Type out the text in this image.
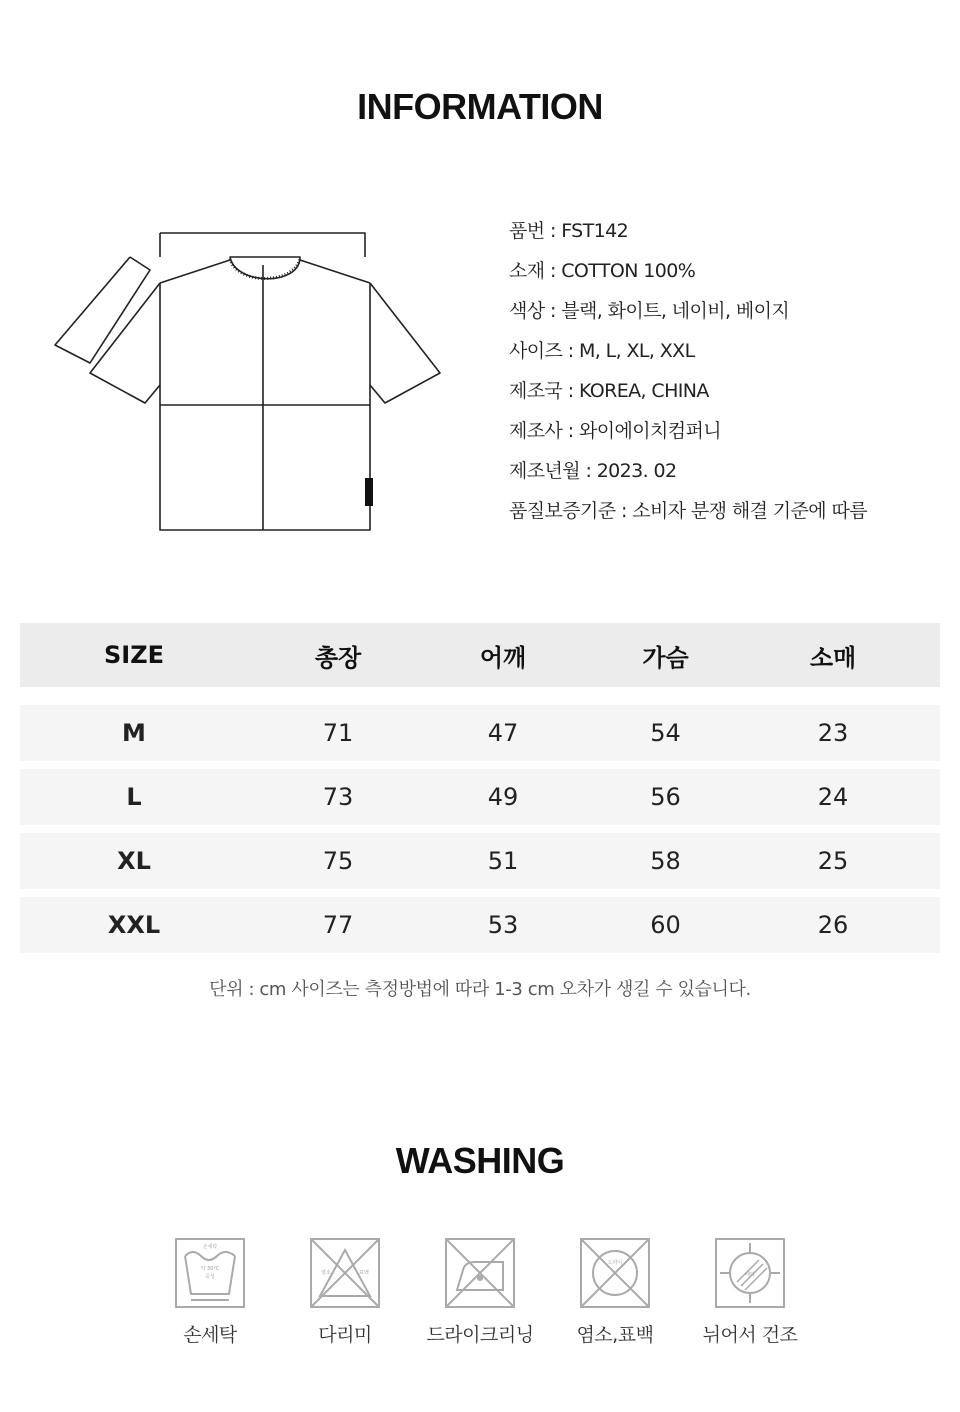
INFORMATION
품번 : FST142
소재 : COTTON 100%
색상 : 블랙, 화이트, 네이비, 베이지
사이즈 : M, L, XL, XXL
제조국 : KOREA, CHINA
제조사 : 와이에이치컴퍼니
제조년월 : 2023. 02
품질보증기준 : 소비자 분쟁 해결 기준에 따름
SIZE	총장	어깨	가슴	소매
M	71	47	54	23
L	73	49	56	24
XL	75	51	58	25
XXL	77	53	60	26

단위 : cm 사이즈는 측정방법에 따라 1-3 cm 오차가 생길 수 있습니다.

WASHING
손세탁
약 30°C
중성
손세탁
염소	표백
다리미	드라이크리닝
드라이
염소,표백
세탁
뉘어서 건조
